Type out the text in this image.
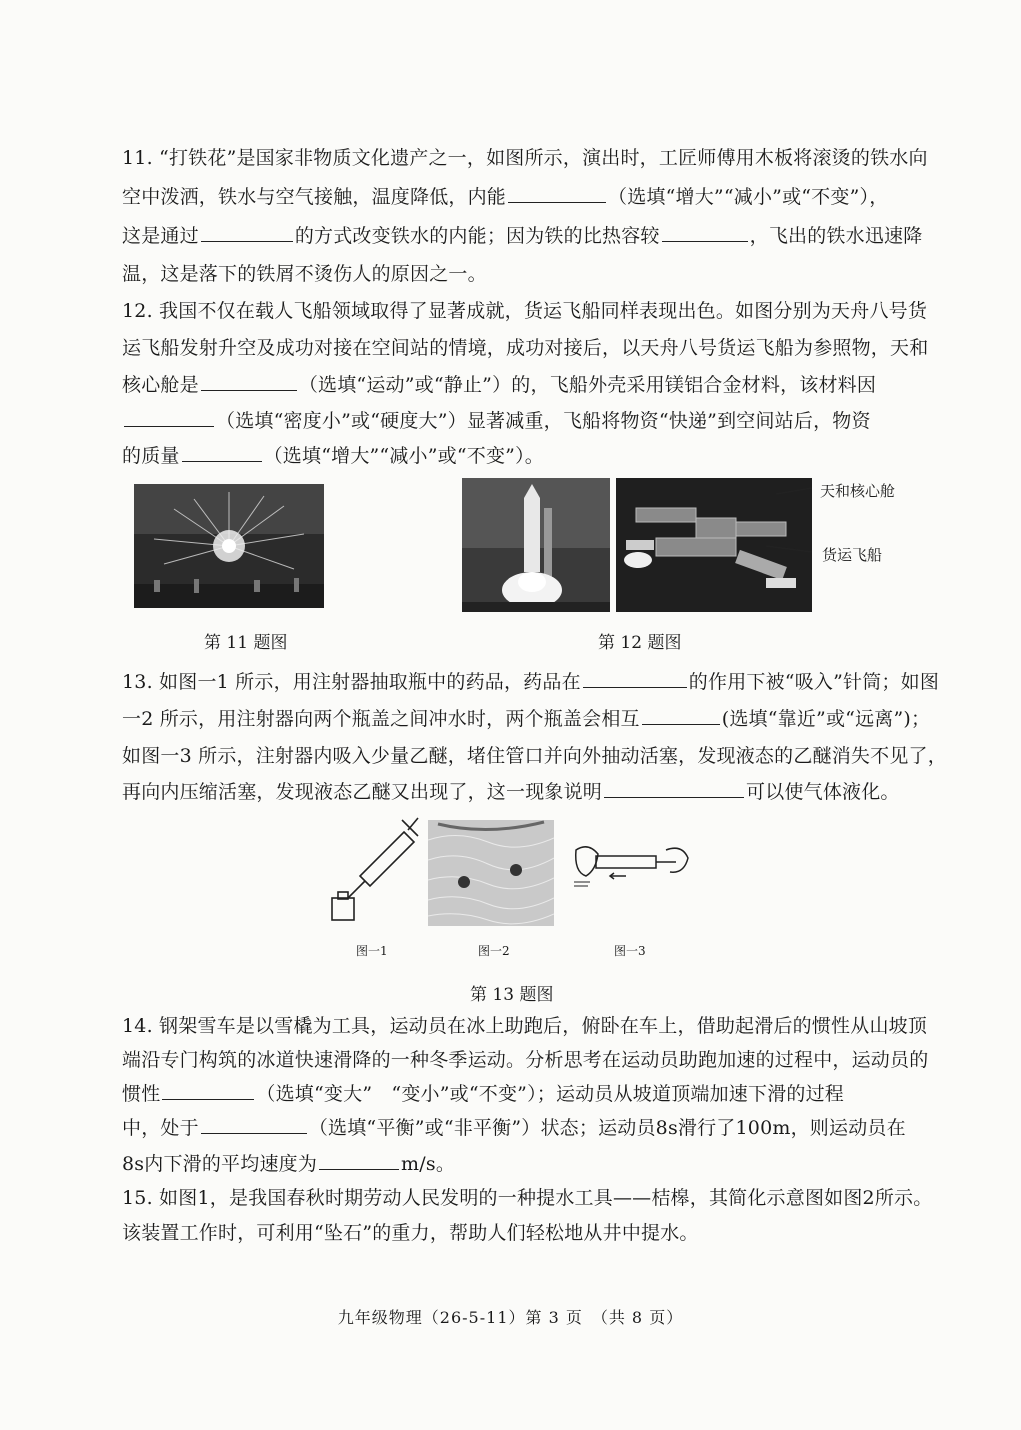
11. “打铁花”是国家非物质文化遗产之一，如图所示，演出时，工匠师傅用木板将滚烫的铁水向
空中泼洒，铁水与空气接触，温度降低，内能	（选填“增大”“减小”或“不变”），
这是通过	的方式改变铁水的内能；因为铁的比热容较	，飞出的铁水迅速降
温，这是落下的铁屑不烫伤人的原因之一。
12. 我国不仅在载人飞船领域取得了显著成就，货运飞船同样表现出色。如图分别为天舟八号货
运飞船发射升空及成功对接在空间站的情境，成功对接后，以天舟八号货运飞船为参照物，天和
核心舱是	（选填“运动”或“静止”）的，飞船外壳采用镁铝合金材料，该材料因
（选填“密度小”或“硬度大”）显著减重，飞船将物资“快递”到空间站后，物资
的质量	（选填“增大”“减小”或“不变”）。
天和核心舱
货运飞船
第 11 题图	第 12 题图
13. 如图一1 所示，用注射器抽取瓶中的药品，药品在	的作用下被“吸入”针筒；如图
一2 所示，用注射器向两个瓶盖之间冲水时，两个瓶盖会相互	(选填“靠近”或“远离”)；
如图一3 所示，注射器内吸入少量乙醚，堵住管口并向外抽动活塞，发现液态的乙醚消失不见了，
再向内压缩活塞，发现液态乙醚又出现了，这一现象说明	可以使气体液化。
图一1	图一2	图一3
第 13 题图
14. 钢架雪车是以雪橇为工具，运动员在冰上助跑后，俯卧在车上，借助起滑后的惯性从山坡顶
端沿专门构筑的冰道快速滑降的一种冬季运动。分析思考在运动员助跑加速的过程中，运动员的
惯性	（选填“变大”　“变小”或“不变”）；运动员从坡道顶端加速下滑的过程
中，处于	（选填“平衡”或“非平衡”）状态；运动员8s滑行了100m，则运动员在
8s内下滑的平均速度为	m/s。
15. 如图1，是我国春秋时期劳动人民发明的一种提水工具——桔槔，其简化示意图如图2所示。
该装置工作时，可利用“坠石”的重力，帮助人们轻松地从井中提水。
九年级物理（26-5-11）第 3 页　（共 8 页）
